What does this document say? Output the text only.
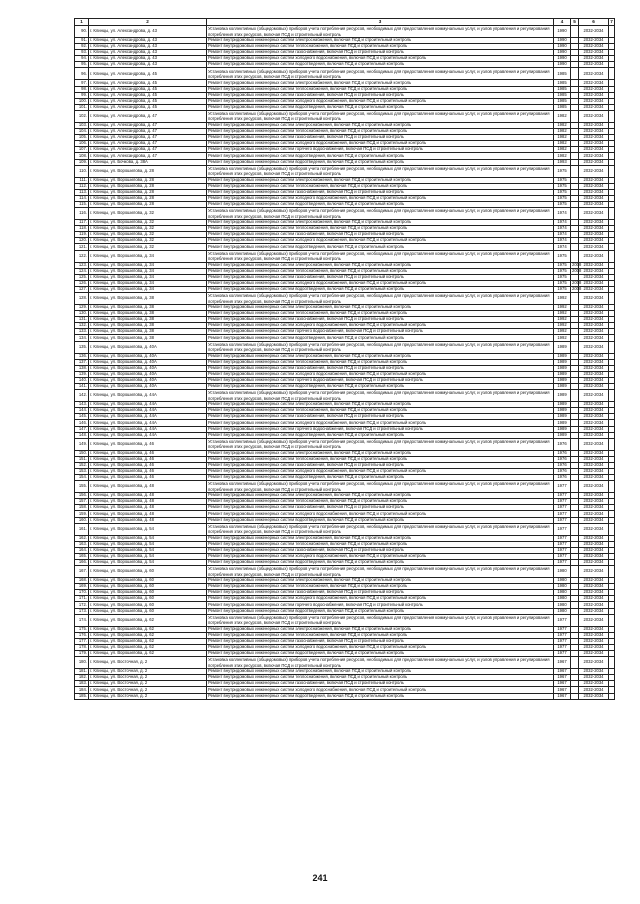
1	2	3	4	5	6	7
90.	г. Клинцы, ул. Александрова, д. 43	Установка коллективных (общедомовых) приборов учета потребления ресурсов, необходимых для предоставления коммунальных услуг, и узлов управления и регулирования потребления этих ресурсов, включая ПСД и строительный контроль	1990		2032-2034	
91.	г. Клинцы, ул. Александрова, д. 43	Ремонт внутридомовых инженерных систем электроснабжения, включая ПСД и строительный контроль	1990		2032-2034	
92.	г. Клинцы, ул. Александрова, д. 43	Ремонт внутридомовых инженерных систем теплоснабжения, включая ПСД и строительный контроль	1990		2032-2034	
93.	г. Клинцы, ул. Александрова, д. 43	Ремонт внутридомовых инженерных систем газоснабжения, включая ПСД и строительный контроль	1990		2032-2034	
94.	г. Клинцы, ул. Александрова, д. 43	Ремонт внутридомовых инженерных систем холодного водоснабжения, включая ПСД и строительный контроль	1990		2032-2034	
95.	г. Клинцы, ул. Александрова, д. 43	Ремонт внутридомовых инженерных систем водоотведения, включая ПСД и строительный контроль	1990		2032-2034	
96.	г. Клинцы, ул. Александрова, д. 45	Установка коллективных (общедомовых) приборов учета потребления ресурсов, необходимых для предоставления коммунальных услуг, и узлов управления и регулирования потребления этих ресурсов, включая ПСД и строительный контроль	1985		2032-2034	
97.	г. Клинцы, ул. Александрова, д. 45	Ремонт внутридомовых инженерных систем электроснабжения, включая ПСД и строительный контроль	1985		2032-2034	
98.	г. Клинцы, ул. Александрова, д. 45	Ремонт внутридомовых инженерных систем теплоснабжения, включая ПСД и строительный контроль	1985		2032-2034	
99.	г. Клинцы, ул. Александрова, д. 45	Ремонт внутридомовых инженерных систем газоснабжения, включая ПСД и строительный контроль	1985		2032-2034	
100.	г. Клинцы, ул. Александрова, д. 45	Ремонт внутридомовых инженерных систем холодного водоснабжения, включая ПСД и строительный контроль	1985		2032-2034	
101.	г. Клинцы, ул. Александрова, д. 45	Ремонт внутридомовых инженерных систем водоотведения, включая ПСД и строительный контроль	1985		2032-2034	
102.	г. Клинцы, ул. Александрова, д. 47	Установка коллективных (общедомовых) приборов учета потребления ресурсов, необходимых для предоставления коммунальных услуг, и узлов управления и регулирования потребления этих ресурсов, включая ПСД и строительный контроль	1982		2032-2034	
103.	г. Клинцы, ул. Александрова, д. 47	Ремонт внутридомовых инженерных систем электроснабжения, включая ПСД и строительный контроль	1982		2032-2034	
104.	г. Клинцы, ул. Александрова, д. 47	Ремонт внутридомовых инженерных систем теплоснабжения, включая ПСД и строительный контроль	1982		2032-2034	
105.	г. Клинцы, ул. Александрова, д. 47	Ремонт внутридомовых инженерных систем газоснабжения, включая ПСД и строительный контроль	1982		2032-2034	
106.	г. Клинцы, ул. Александрова, д. 47	Ремонт внутридомовых инженерных систем холодного водоснабжения, включая ПСД и строительный контроль	1982		2032-2034	
107.	г. Клинцы, ул. Александрова, д. 47	Ремонт внутридомовых инженерных систем горячего водоснабжения, включая ПСД и строительный контроль	1982		2032-2034	
108.	г. Клинцы, ул. Александрова, д. 47	Ремонт внутридомовых инженерных систем водоотведения, включая ПСД и строительный контроль	1982		2032-2034	
109.	г. Клинцы, ул. Бочкова, д. 38А	Ремонт внутридомовых инженерных систем водоотведения, включая ПСД и строительный контроль	1993		2032-2034	
110.	г. Клинцы, ул. Ворошилова, д. 28	Установка коллективных (общедомовых) приборов учета потребления ресурсов, необходимых для предоставления коммунальных услуг, и узлов управления и регулирования потребления этих ресурсов, включая ПСД и строительный контроль	1975		2032-2034	
111.	г. Клинцы, ул. Ворошилова, д. 28	Ремонт внутридомовых инженерных систем электроснабжения, включая ПСД и строительный контроль	1975		2032-2034	
112.	г. Клинцы, ул. Ворошилова, д. 28	Ремонт внутридомовых инженерных систем теплоснабжения, включая ПСД и строительный контроль	1975		2032-2034	
113.	г. Клинцы, ул. Ворошилова, д. 28	Ремонт внутридомовых инженерных систем газоснабжения, включая ПСД и строительный контроль	1975		2032-2034	
114.	г. Клинцы, ул. Ворошилова, д. 28	Ремонт внутридомовых инженерных систем холодного водоснабжения, включая ПСД и строительный контроль	1975		2032-2034	
115.	г. Клинцы, ул. Ворошилова, д. 28	Ремонт внутридомовых инженерных систем водоотведения, включая ПСД и строительный контроль	1975		2032-2034	
116.	г. Клинцы, ул. Ворошилова, д. 32	Установка коллективных (общедомовых) приборов учета потребления ресурсов, необходимых для предоставления коммунальных услуг, и узлов управления и регулирования потребления этих ресурсов, включая ПСД и строительный контроль	1974		2032-2034	
117.	г. Клинцы, ул. Ворошилова, д. 32	Ремонт внутридомовых инженерных систем электроснабжения, включая ПСД и строительный контроль	1974		2032-2034	
118.	г. Клинцы, ул. Ворошилова, д. 32	Ремонт внутридомовых инженерных систем теплоснабжения, включая ПСД и строительный контроль	1974		2032-2034	
119.	г. Клинцы, ул. Ворошилова, д. 32	Ремонт внутридомовых инженерных систем газоснабжения, включая ПСД и строительный контроль	1974		2032-2034	
120.	г. Клинцы, ул. Ворошилова, д. 32	Ремонт внутридомовых инженерных систем холодного водоснабжения, включая ПСД и строительный контроль	1974		2032-2034	
121.	г. Клинцы, ул. Ворошилова, д. 32	Ремонт внутридомовых инженерных систем водоотведения, включая ПСД и строительный контроль	1974		2032-2034	
122.	г. Клинцы, ул. Ворошилова, д. 34	Установка коллективных (общедомовых) приборов учета потребления ресурсов, необходимых для предоставления коммунальных услуг, и узлов управления и регулирования потребления этих ресурсов, включая ПСД и строительный контроль	1975		2032-2034	
123.	г. Клинцы, ул. Ворошилова, д. 34	Ремонт внутридомовых инженерных систем электроснабжения, включая ПСД и строительный контроль	1975	2008	2032-2034	
124.	г. Клинцы, ул. Ворошилова, д. 34	Ремонт внутридомовых инженерных систем теплоснабжения, включая ПСД и строительный контроль	1975	2008	2032-2034	
125.	г. Клинцы, ул. Ворошилова, д. 34	Ремонт внутридомовых инженерных систем газоснабжения, включая ПСД и строительный контроль	1975		2032-2034	
126.	г. Клинцы, ул. Ворошилова, д. 34	Ремонт внутридомовых инженерных систем холодного водоснабжения, включая ПСД и строительный контроль	1975	2008	2032-2034	
127.	г. Клинцы, ул. Ворошилова, д. 34	Ремонт внутридомовых инженерных систем водоотведения, включая ПСД и строительный контроль	1975	2008	2032-2034	
128.	г. Клинцы, ул. Ворошилова, д. 38	Установка коллективных (общедомовых) приборов учета потребления ресурсов, необходимых для предоставления коммунальных услуг, и узлов управления и регулирования потребления этих ресурсов, включая ПСД и строительный контроль	1992		2032-2034	
129.	г. Клинцы, ул. Ворошилова, д. 38	Ремонт внутридомовых инженерных систем электроснабжения, включая ПСД и строительный контроль	1992		2032-2034	
130.	г. Клинцы, ул. Ворошилова, д. 38	Ремонт внутридомовых инженерных систем теплоснабжения, включая ПСД и строительный контроль	1992		2032-2034	
131.	г. Клинцы, ул. Ворошилова, д. 38	Ремонт внутридомовых инженерных систем газоснабжения, включая ПСД и строительный контроль	1992		2032-2034	
132.	г. Клинцы, ул. Ворошилова, д. 38	Ремонт внутридомовых инженерных систем холодного водоснабжения, включая ПСД и строительный контроль	1992		2032-2034	
133.	г. Клинцы, ул. Ворошилова, д. 38	Ремонт внутридомовых инженерных систем горячего водоснабжения, включая ПСД и строительный контроль	1992		2032-2034	
134.	г. Клинцы, ул. Ворошилова, д. 38	Ремонт внутридомовых инженерных систем водоотведения, включая ПСД и строительный контроль	1992		2032-2034	
135.	г. Клинцы, ул. Ворошилова, д. 40А	Установка коллективных (общедомовых) приборов учета потребления ресурсов, необходимых для предоставления коммунальных услуг, и узлов управления и регулирования потребления этих ресурсов, включая ПСД и строительный контроль	1989		2032-2034	
136.	г. Клинцы, ул. Ворошилова, д. 40А	Ремонт внутридомовых инженерных систем электроснабжения, включая ПСД и строительный контроль	1989		2032-2034	
137.	г. Клинцы, ул. Ворошилова, д. 40А	Ремонт внутридомовых инженерных систем теплоснабжения, включая ПСД и строительный контроль	1989		2032-2034	
138.	г. Клинцы, ул. Ворошилова, д. 40А	Ремонт внутридомовых инженерных систем газоснабжения, включая ПСД и строительный контроль	1989		2032-2034	
139.	г. Клинцы, ул. Ворошилова, д. 40А	Ремонт внутридомовых инженерных систем холодного водоснабжения, включая ПСД и строительный контроль	1989		2032-2034	
140.	г. Клинцы, ул. Ворошилова, д. 40А	Ремонт внутридомовых инженерных систем горячего водоснабжения, включая ПСД и строительный контроль	1989		2032-2034	
141.	г. Клинцы, ул. Ворошилова, д. 40А	Ремонт внутридомовых инженерных систем водоотведения, включая ПСД и строительный контроль	1989		2032-2034	
142.	г. Клинцы, ул. Ворошилова, д. 44А	Установка коллективных (общедомовых) приборов учета потребления ресурсов, необходимых для предоставления коммунальных услуг, и узлов управления и регулирования потребления этих ресурсов, включая ПСД и строительный контроль	1989		2032-2034	
143.	г. Клинцы, ул. Ворошилова, д. 44А	Ремонт внутридомовых инженерных систем электроснабжения, включая ПСД и строительный контроль	1989		2032-2034	
144.	г. Клинцы, ул. Ворошилова, д. 44А	Ремонт внутридомовых инженерных систем теплоснабжения, включая ПСД и строительный контроль	1989		2032-2034	
145.	г. Клинцы, ул. Ворошилова, д. 44А	Ремонт внутридомовых инженерных систем газоснабжения, включая ПСД и строительный контроль	1989		2032-2034	
146.	г. Клинцы, ул. Ворошилова, д. 44А	Ремонт внутридомовых инженерных систем холодного водоснабжения, включая ПСД и строительный контроль	1989		2032-2034	
147.	г. Клинцы, ул. Ворошилова, д. 44А	Ремонт внутридомовых инженерных систем горячего водоснабжения, включая ПСД и строительный контроль	1989		2032-2034	
148.	г. Клинцы, ул. Ворошилова, д. 44А	Ремонт внутридомовых инженерных систем водоотведения, включая ПСД и строительный контроль	1989		2032-2034	
149.	г. Клинцы, ул. Ворошилова, д. 46	Установка коллективных (общедомовых) приборов учета потребления ресурсов, необходимых для предоставления коммунальных услуг, и узлов управления и регулирования потребления этих ресурсов, включая ПСД и строительный контроль	1976		2032-2034	
150.	г. Клинцы, ул. Ворошилова, д. 46	Ремонт внутридомовых инженерных систем электроснабжения, включая ПСД и строительный контроль	1976		2032-2034	
151.	г. Клинцы, ул. Ворошилова, д. 46	Ремонт внутридомовых инженерных систем теплоснабжения, включая ПСД и строительный контроль	1976		2032-2034	
152.	г. Клинцы, ул. Ворошилова, д. 46	Ремонт внутридомовых инженерных систем газоснабжения, включая ПСД и строительный контроль	1976		2032-2034	
153.	г. Клинцы, ул. Ворошилова, д. 46	Ремонт внутридомовых инженерных систем холодного водоснабжения, включая ПСД и строительный контроль	1976		2032-2034	
154.	г. Клинцы, ул. Ворошилова, д. 46	Ремонт внутридомовых инженерных систем водоотведения, включая ПСД и строительный контроль	1976		2032-2034	
155.	г. Клинцы, ул. Ворошилова, д. 48	Установка коллективных (общедомовых) приборов учета потребления ресурсов, необходимых для предоставления коммунальных услуг, и узлов управления и регулирования потребления этих ресурсов, включая ПСД и строительный контроль	1977		2032-2034	
156.	г. Клинцы, ул. Ворошилова, д. 48	Ремонт внутридомовых инженерных систем электроснабжения, включая ПСД и строительный контроль	1977		2032-2034	
157.	г. Клинцы, ул. Ворошилова, д. 48	Ремонт внутридомовых инженерных систем теплоснабжения, включая ПСД и строительный контроль	1977		2032-2034	
158.	г. Клинцы, ул. Ворошилова, д. 48	Ремонт внутридомовых инженерных систем газоснабжения, включая ПСД и строительный контроль	1977		2032-2034	
159.	г. Клинцы, ул. Ворошилова, д. 48	Ремонт внутридомовых инженерных систем холодного водоснабжения, включая ПСД и строительный контроль	1977		2032-2034	
160.	г. Клинцы, ул. Ворошилова, д. 48	Ремонт внутридомовых инженерных систем водоотведения, включая ПСД и строительный контроль	1977		2032-2034	
161.	г. Клинцы, ул. Ворошилова, д. 54	Установка коллективных (общедомовых) приборов учета потребления ресурсов, необходимых для предоставления коммунальных услуг, и узлов управления и регулирования потребления этих ресурсов, включая ПСД и строительный контроль	1977		2032-2034	
162.	г. Клинцы, ул. Ворошилова, д. 54	Ремонт внутридомовых инженерных систем электроснабжения, включая ПСД и строительный контроль	1977		2032-2034	
163.	г. Клинцы, ул. Ворошилова, д. 54	Ремонт внутридомовых инженерных систем теплоснабжения, включая ПСД и строительный контроль	1977		2032-2034	
164.	г. Клинцы, ул. Ворошилова, д. 54	Ремонт внутридомовых инженерных систем газоснабжения, включая ПСД и строительный контроль	1977		2032-2034	
165.	г. Клинцы, ул. Ворошилова, д. 54	Ремонт внутридомовых инженерных систем холодного водоснабжения, включая ПСД и строительный контроль	1977		2032-2034	
166.	г. Клинцы, ул. Ворошилова, д. 54	Ремонт внутридомовых инженерных систем водоотведения, включая ПСД и строительный контроль	1977		2032-2034	
167.	г. Клинцы, ул. Ворошилова, д. 60	Установка коллективных (общедомовых) приборов учета потребления ресурсов, необходимых для предоставления коммунальных услуг, и узлов управления и регулирования потребления этих ресурсов, включая ПСД и строительный контроль	1980		2032-2034	
168.	г. Клинцы, ул. Ворошилова, д. 60	Ремонт внутридомовых инженерных систем электроснабжения, включая ПСД и строительный контроль	1980		2032-2034	
169.	г. Клинцы, ул. Ворошилова, д. 60	Ремонт внутридомовых инженерных систем теплоснабжения, включая ПСД и строительный контроль	1980		2032-2034	
170.	г. Клинцы, ул. Ворошилова, д. 60	Ремонт внутридомовых инженерных систем газоснабжения, включая ПСД и строительный контроль	1980		2032-2034	
171.	г. Клинцы, ул. Ворошилова, д. 60	Ремонт внутридомовых инженерных систем холодного водоснабжения, включая ПСД и строительный контроль	1980		2032-2034	
172.	г. Клинцы, ул. Ворошилова, д. 60	Ремонт внутридомовых инженерных систем горячего водоснабжения, включая ПСД и строительный контроль	1980		2032-2034	
173.	г. Клинцы, ул. Ворошилова, д. 60	Ремонт внутридомовых инженерных систем водоотведения, включая ПСД и строительный контроль	1980		2032-2034	
174.	г. Клинцы, ул. Ворошилова, д. 62	Установка коллективных (общедомовых) приборов учета потребления ресурсов, необходимых для предоставления коммунальных услуг, и узлов управления и регулирования потребления этих ресурсов, включая ПСД и строительный контроль	1977		2032-2034	
175.	г. Клинцы, ул. Ворошилова, д. 62	Ремонт внутридомовых инженерных систем электроснабжения, включая ПСД и строительный контроль	1977		2032-2034	
176.	г. Клинцы, ул. Ворошилова, д. 62	Ремонт внутридомовых инженерных систем теплоснабжения, включая ПСД и строительный контроль	1977		2032-2034	
177.	г. Клинцы, ул. Ворошилова, д. 62	Ремонт внутридомовых инженерных систем газоснабжения, включая ПСД и строительный контроль	1977		2032-2034	
178.	г. Клинцы, ул. Ворошилова, д. 62	Ремонт внутридомовых инженерных систем холодного водоснабжения, включая ПСД и строительный контроль	1977		2032-2034	
179.	г. Клинцы, ул. Ворошилова, д. 62	Ремонт внутридомовых инженерных систем водоотведения, включая ПСД и строительный контроль	1977		2032-2034	
180.	г. Клинцы, ул. Восточная, д. 2	Установка коллективных (общедомовых) приборов учета потребления ресурсов, необходимых для предоставления коммунальных услуг, и узлов управления и регулирования потребления этих ресурсов, включая ПСД и строительный контроль	1967		2032-2034	
181.	г. Клинцы, ул. Восточная, д. 2	Ремонт внутридомовых инженерных систем электроснабжения, включая ПСД и строительный контроль	1967		2032-2034	
182.	г. Клинцы, ул. Восточная, д. 2	Ремонт внутридомовых инженерных систем теплоснабжения, включая ПСД и строительный контроль	1967		2032-2034	
183.	г. Клинцы, ул. Восточная, д. 2	Ремонт внутридомовых инженерных систем газоснабжения, включая ПСД и строительный контроль	1967		2032-2034	
184.	г. Клинцы, ул. Восточная, д. 2	Ремонт внутридомовых инженерных систем холодного водоснабжения, включая ПСД и строительный контроль	1967		2032-2034	
185.	г. Клинцы, ул. Восточная, д. 2	Ремонт внутридомовых инженерных систем водоотведения, включая ПСД и строительный контроль	1967		2032-2034	
241
